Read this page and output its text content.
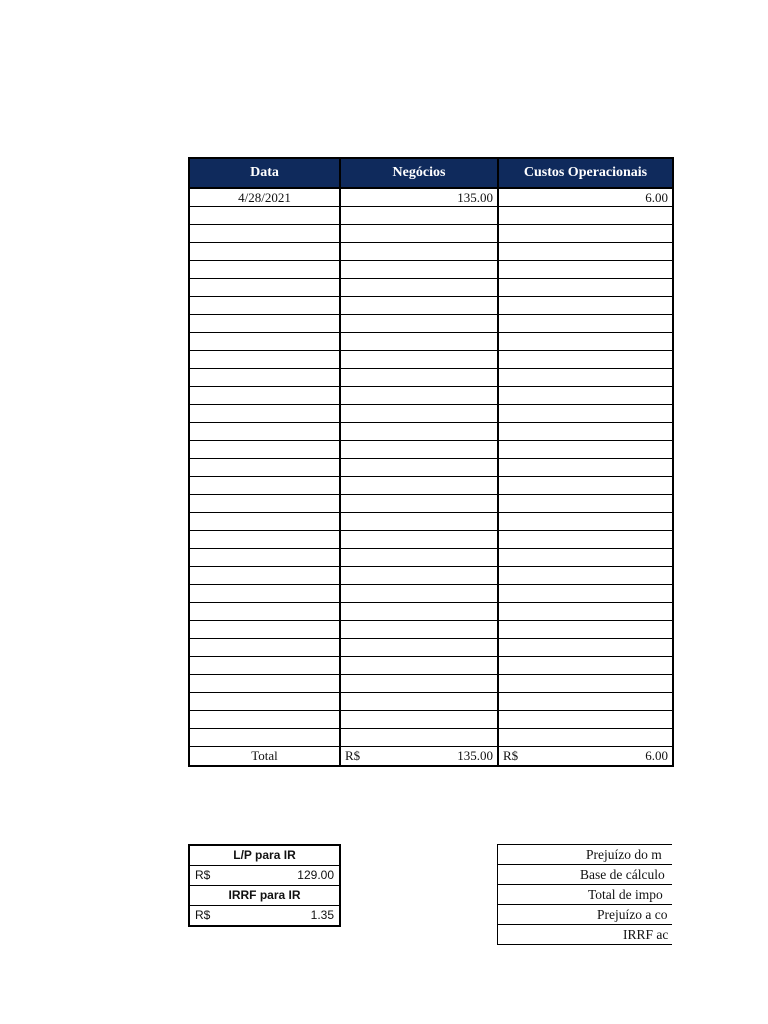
Data	Negócios	Custos Operacionais
4/28/2021	135.00	6.00

Total	R$ 135.00	R$ 6.00
L/P para IR
R$	129.00
IRRF para IR
R$	1.35
Prejuízo do m
Base de cálculo
Total de impo
Prejuízo a co
IRRF ac
